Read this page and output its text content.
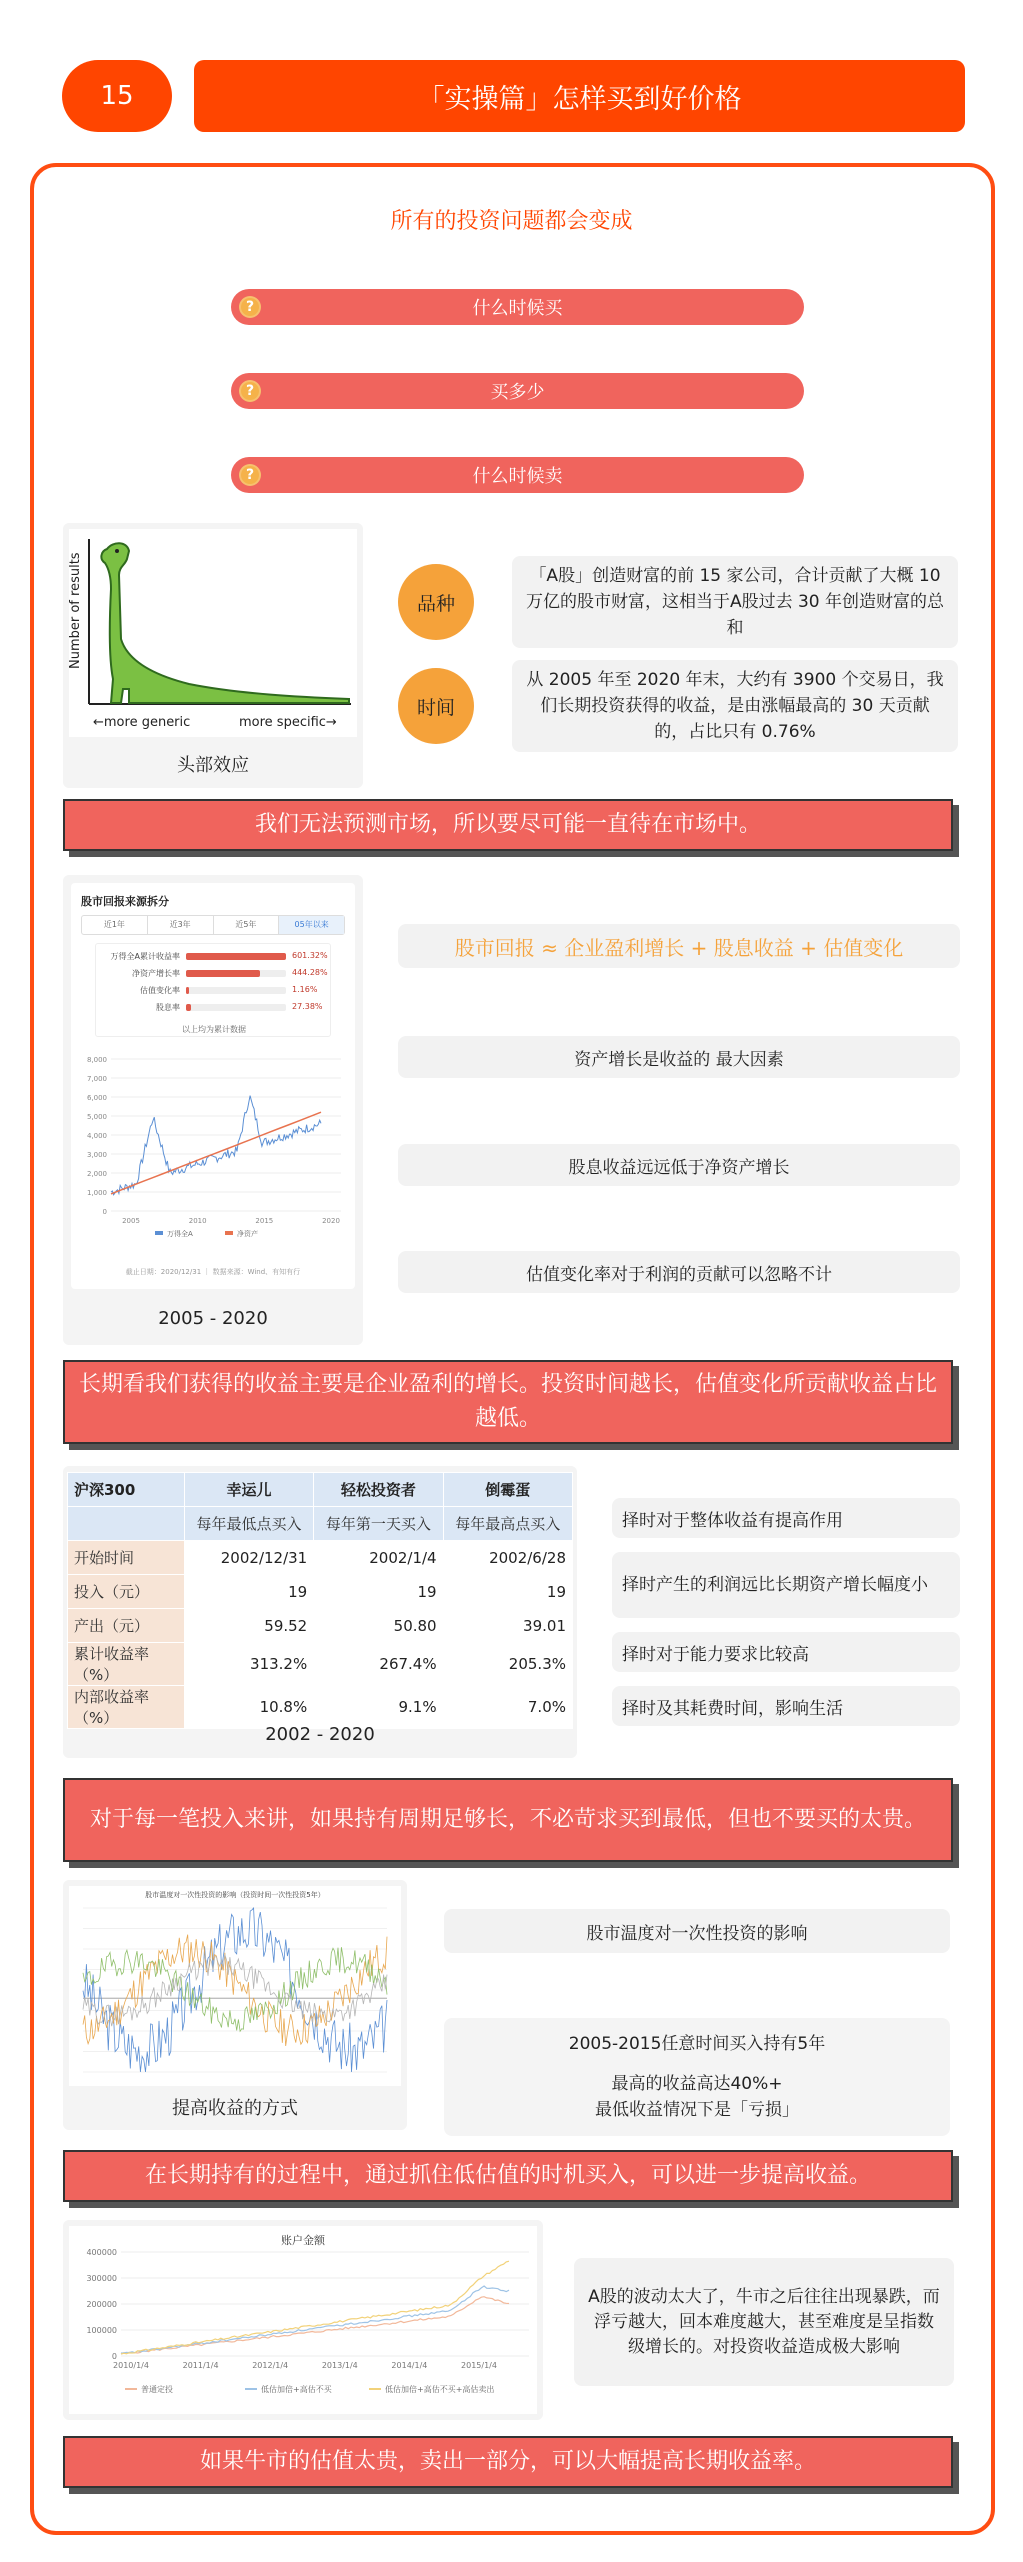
15	「实操篇」怎样买到好价格
所有的投资问题都会变成
?	什么时候买
?	买多少
?	什么时候卖
Number of results
←more generic	more specific→
头部效应
品种
「A股」创造财富的前 15 家公司，合计贡献了大概 10 万亿的股市财富，这相当于A股过去 30 年创造财富的总和
时间
从 2005 年至 2020 年末，大约有 3900 个交易日，我们长期投资获得的收益，是由涨幅最高的 30 天贡献的，占比只有 0.76%
我们无法预测市场，所以要尽可能一直待在市场中。
股市回报来源拆分
近1年	近3年	近5年	05年以来
万得全A累计收益率	601.32%
净资产增长率	444.28%
估值变化率	1.16%
股息率	27.38%
以上均为累计数据
8,000
7,000
6,000
5,000
4,000
3,000
2,000
1,000
0
2005	2010	2015	2020
万得全A	净资产
截止日期：2020/12/31 ｜ 数据来源：Wind、有知有行
2005 - 2020
股市回报 ≈ 企业盈利增长 + 股息收益 + 估值变化
资产增长是收益的 最大因素
股息收益远远低于净资产增长
估值变化率对于利润的贡献可以忽略不计
长期看我们获得的收益主要是企业盈利的增长。投资时间越长，估值变化所贡献收益占比越低。
沪深300	幸运儿	轻松投资者	倒霉蛋
	每年最低点买入	每年第一天买入	每年最高点买入
开始时间	2002/12/31	2002/1/4	2002/6/28
投入（元）	19	19	19
产出（元）	59.52	50.80	39.01
累计收益率（%）	313.2%	267.4%	205.3%
内部收益率（%）	10.8%	9.1%	7.0%
2002 - 2020
择时对于整体收益有提高作用
择时产生的利润远比长期资产增长幅度小
择时对于能力要求比较高
择时及其耗费时间，影响生活
对于每一笔投入来讲，如果持有周期足够长，不必苛求买到最低，但也不要买的太贵。
股市温度对一次性投资的影响（投资时间一次性投资5年）
提高收益的方式
股市温度对一次性投资的影响
2005-2015任意时间买入持有5年
最高的收益高达40%+
最低收益情况下是「亏损」
在长期持有的过程中，通过抓住低估值的时机买入，可以进一步提高收益。
账户金额
400000
300000
200000
100000
0
2010/1/4	2011/1/4	2012/1/4	2013/1/4	2014/1/4	2015/1/4
普通定投	低估加倍+高估不买	低估加倍+高估不买+高估卖出
A股的波动太大了，牛市之后往往出现暴跌，而浮亏越大，回本难度越大，甚至难度是呈指数级增长的。对投资收益造成极大影响
如果牛市的估值太贵，卖出一部分，可以大幅提高长期收益率。
